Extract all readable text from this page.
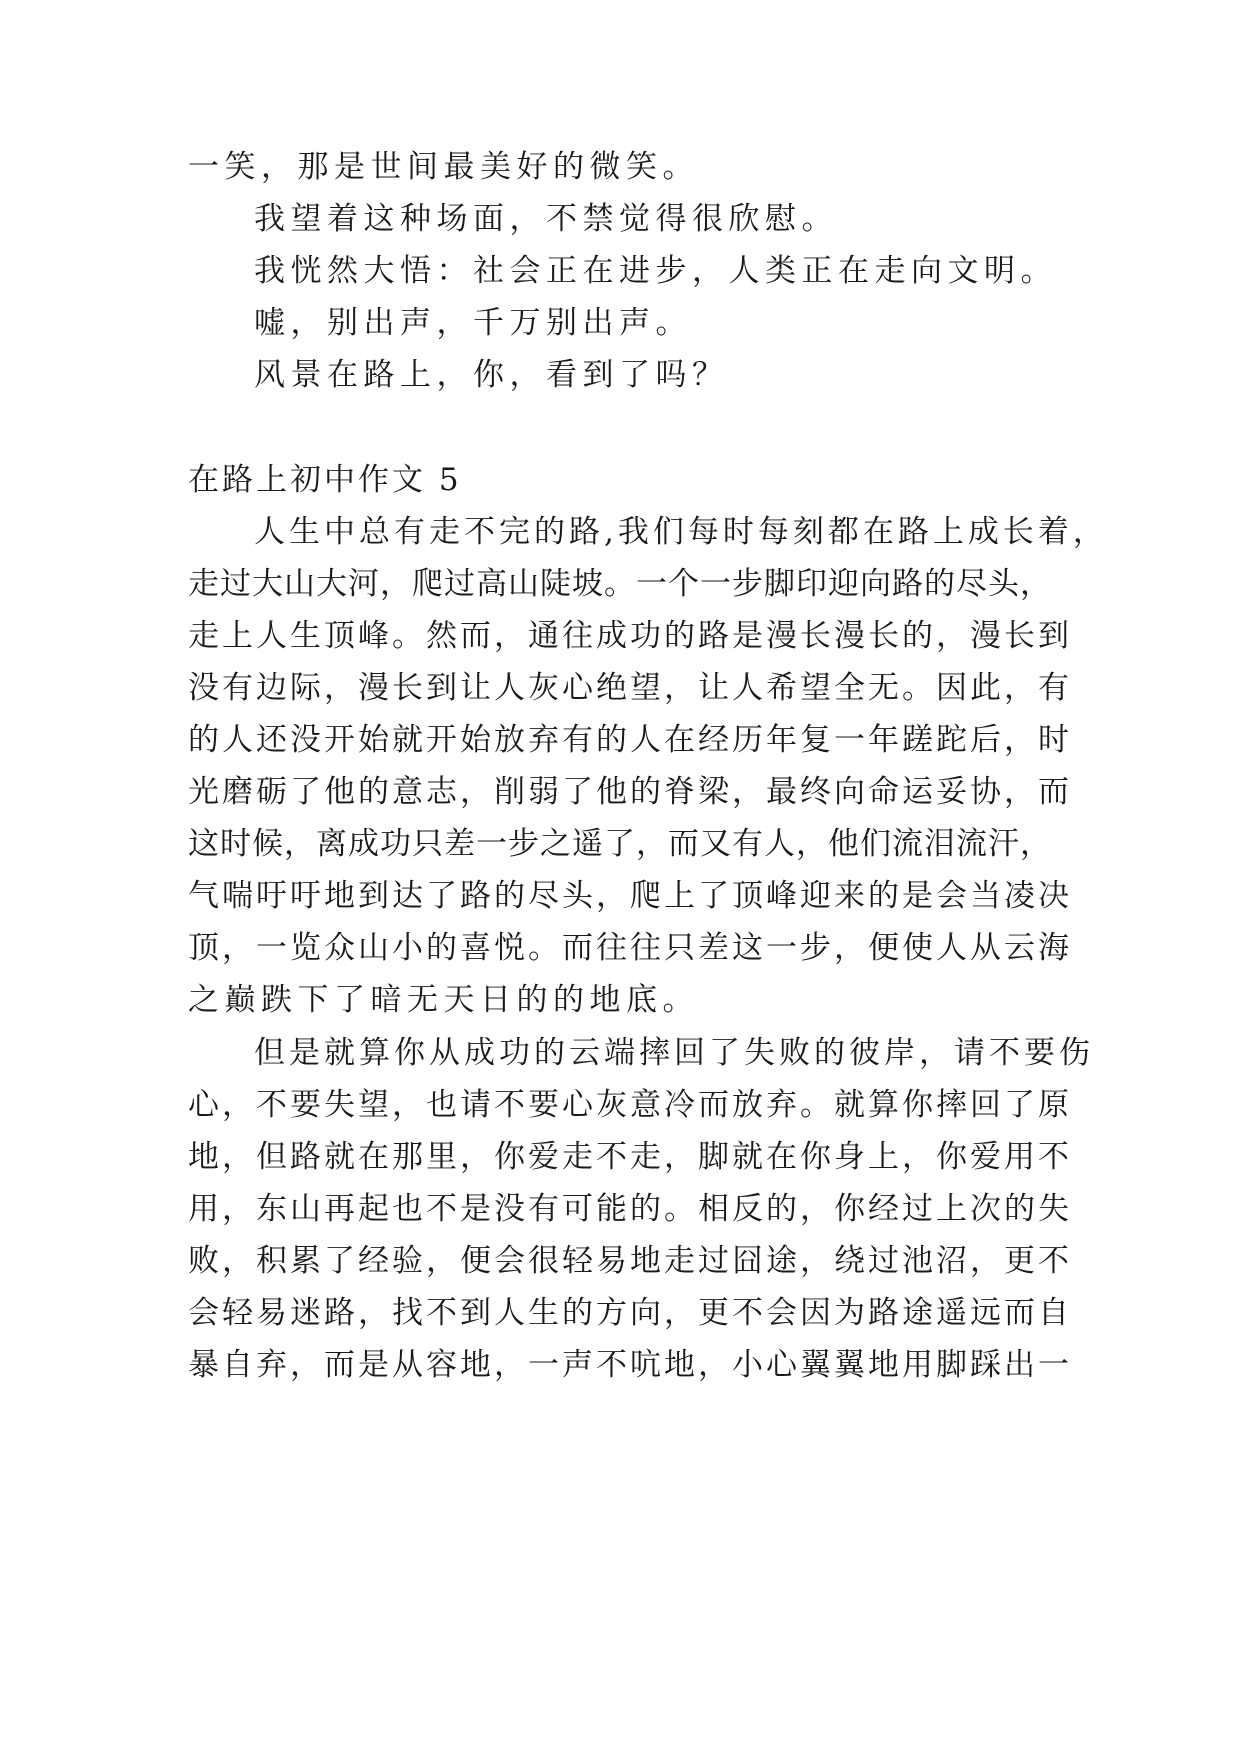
一笑，那是世间最美好的微笑。
我望着这种场面，不禁觉得很欣慰。
我恍然大悟：社会正在进步，人类正在走向文明。
嘘，别出声，千万别出声。
风景在路上，你，看到了吗？
在路上初中作文 5
人生中总有走不完的路,我们每时每刻都在路上成长着，
走过大山大河，爬过高山陡坡。一个一步脚印迎向路的尽头，
走上人生顶峰。然而，通往成功的路是漫长漫长的，漫长到
没有边际，漫长到让人灰心绝望，让人希望全无。因此，有
的人还没开始就开始放弃有的人在经历年复一年蹉跎后，时
光磨砺了他的意志，削弱了他的脊梁，最终向命运妥协，而
这时候，离成功只差一步之遥了，而又有人，他们流泪流汗，
气喘吁吁地到达了路的尽头，爬上了顶峰迎来的是会当凌决
顶，一览众山小的喜悦。而往往只差这一步，便使人从云海
之巅跌下了暗无天日的的地底。
但是就算你从成功的云端摔回了失败的彼岸，请不要伤
心，不要失望，也请不要心灰意冷而放弃。就算你摔回了原
地，但路就在那里，你爱走不走，脚就在你身上，你爱用不
用，东山再起也不是没有可能的。相反的，你经过上次的失
败，积累了经验，便会很轻易地走过囧途，绕过池沼，更不
会轻易迷路，找不到人生的方向，更不会因为路途遥远而自
暴自弃，而是从容地，一声不吭地，小心翼翼地用脚踩出一
